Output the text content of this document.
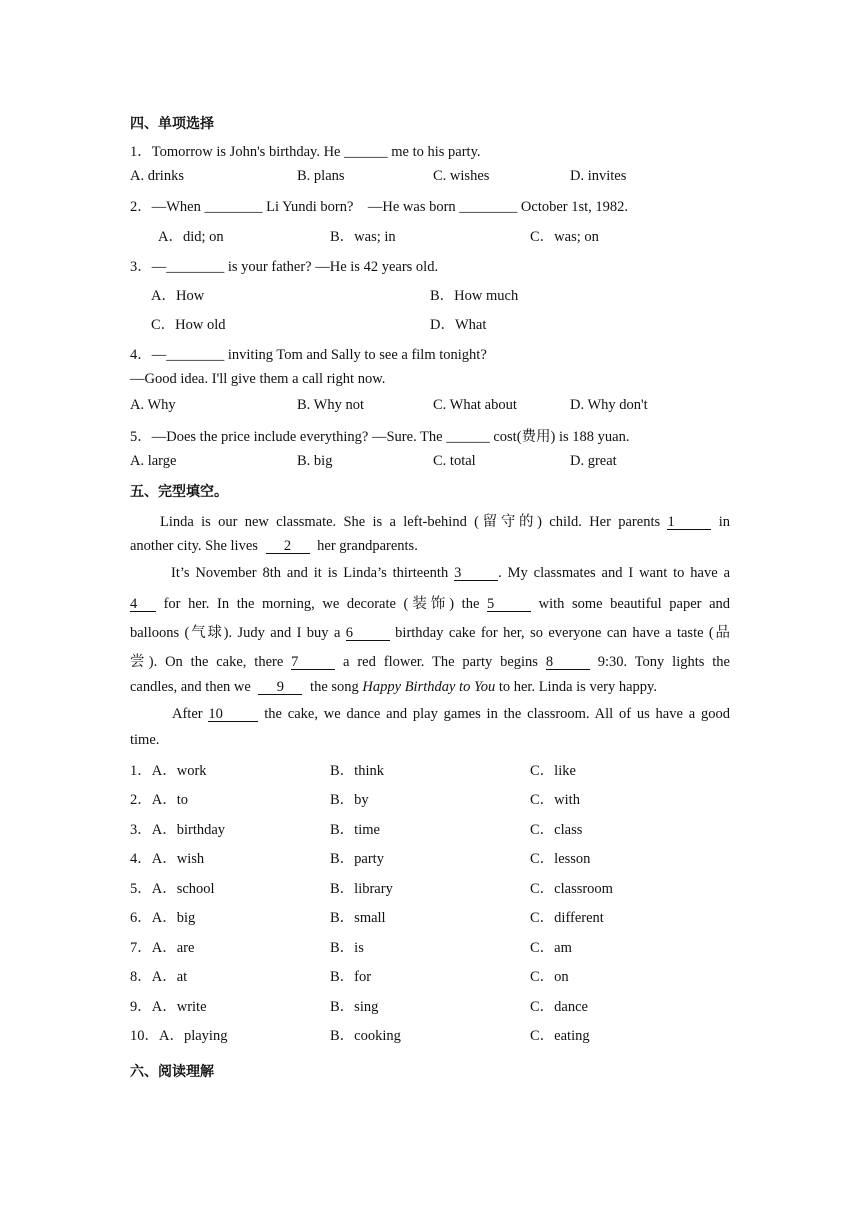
四、单项选择
1．Tomorrow is John's birthday. He ______ me to his party.
A. drinks	B. plans	C. wishes	D. invites
2．—When ________ Li Yundi born?　—He was born ________ October 1st, 1982.
A．did; on	B．was; in	C．was; on
3．—________ is your father? —He is 42 years old.
A．How	B．How much
C．How old	D．What
4．—________ inviting Tom and Sally to see a film tonight?
—Good idea. I'll give them a call right now.
A. Why	B. Why not	C. What about	D. Why don't
5．—Does the price include everything? —Sure. The ______ cost(费用) is 188 yuan.
A. large	B. big	C. total	D. great
五、完型填空。
Linda is our new classmate. She is a left-behind (留守的) child. Her parents 1	in
another city. She lives 2 her grandparents.
It’s November 8th and it is Linda’s thirteenth 3	. My classmates and I want to have a
4 for her. In the morning, we decorate (装饰) the 5	with some beautiful paper and
balloons (气球). Judy and I buy a 6	birthday cake for her, so everyone can have a taste (品
尝). On the cake, there 7	a red flower. The party begins 8	9:30. Tony lights the
candles, and then we 9 the song Happy Birthday to You to her. Linda is very happy.
After 10	the cake, we dance and play games in the classroom. All of us have a good
time.
1．A．work	B．think	C．like
2．A．to	B．by	C．with
3．A．birthday	B．time	C．class
4．A．wish	B．party	C．lesson
5．A．school	B．library	C．classroom
6．A．big	B．small	C．different
7．A．are	B．is	C．am
8．A．at	B．for	C．on
9．A．write	B．sing	C．dance
10．A．playing	B．cooking	C．eating
六、阅读理解
